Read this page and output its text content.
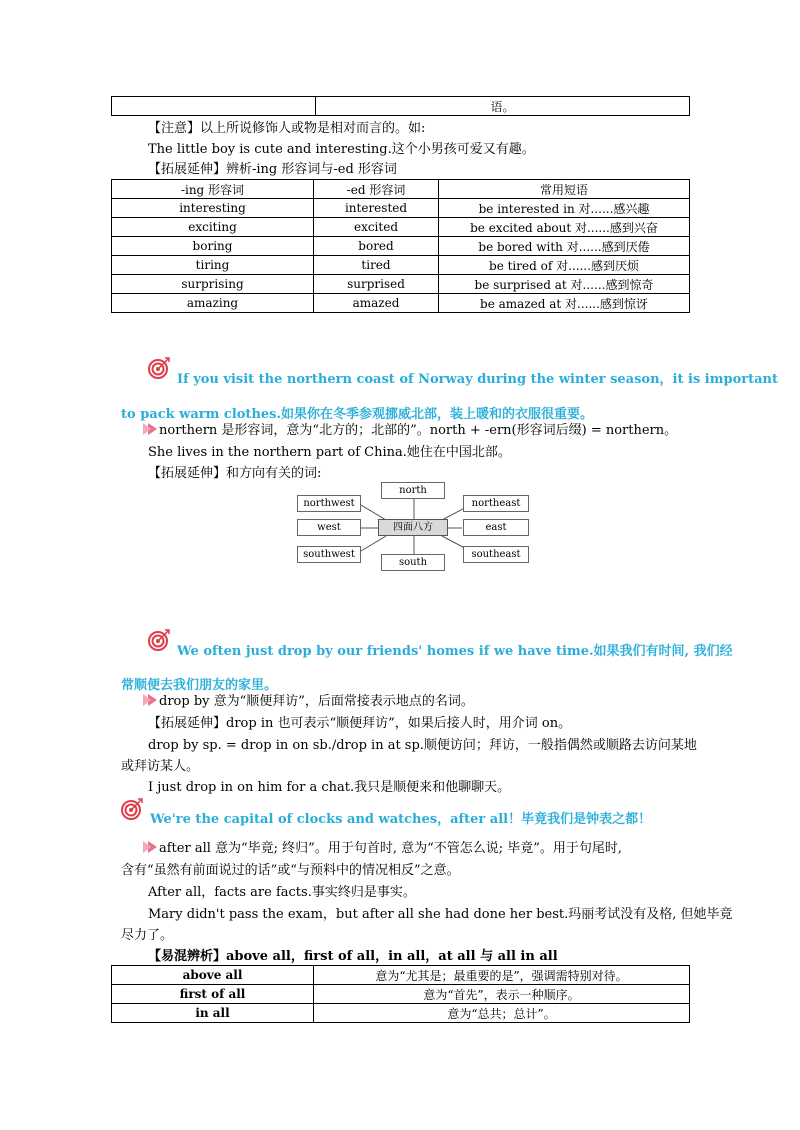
	语。
【注意】以上所说修饰人或物是相对而言的。如:
The little boy is cute and interesting.这个小男孩可爱又有趣。
【拓展延伸】辨析-ing 形容词与-ed 形容词
-ing 形容词	-ed 形容词	常用短语
interesting	interested	be interested in 对......感兴趣
exciting	excited	be excited about 对......感到兴奋
boring	bored	be bored with 对......感到厌倦
tiring	tired	be tired of 对......感到厌烦
surprising	surprised	be surprised at 对......感到惊奇
amazing	amazed	be amazed at 对......感到惊讶
If you visit the northern coast of Norway during the winter season，it is important
to pack warm clothes.如果你在冬季参观挪威北部，装上暖和的衣服很重要。
northern 是形容词，意为“北方的；北部的”。north + -ern(形容词后缀) = northern。
She lives in the northern part of China.她住在中国北部。
【拓展延伸】和方向有关的词:
north
northwest	northeast
west	四面八方	east
southwest	southeast
south
We often just drop by our friends' homes if we have time.如果我们有时间, 我们经
常顺便去我们朋友的家里。
drop by 意为“顺便拜访”，后面常接表示地点的名词。
【拓展延伸】drop in 也可表示“顺便拜访”，如果后接人时，用介词 on。
drop by sp. = drop in on sb./drop in at sp.顺便访问；拜访，一般指偶然或顺路去访问某地
或拜访某人。
I just drop in on him for a chat.我只是顺便来和他聊聊天。
We're the capital of clocks and watches，after all！毕竟我们是钟表之都！
after all 意为“毕竟; 终归”。用于句首时, 意为“不管怎么说; 毕竟”。用于句尾时,
含有“虽然有前面说过的话”或“与预料中的情况相反”之意。
After all，facts are facts.事实终归是事实。
Mary didn't pass the exam，but after all she had done her best.玛丽考试没有及格, 但她毕竟
尽力了。
【易混辨析】above all，first of all，in all，at all 与 all in all
above all	意为“尤其是；最重要的是”，强调需特别对待。
first of all	意为“首先”，表示一种顺序。
in all	意为“总共；总计”。
